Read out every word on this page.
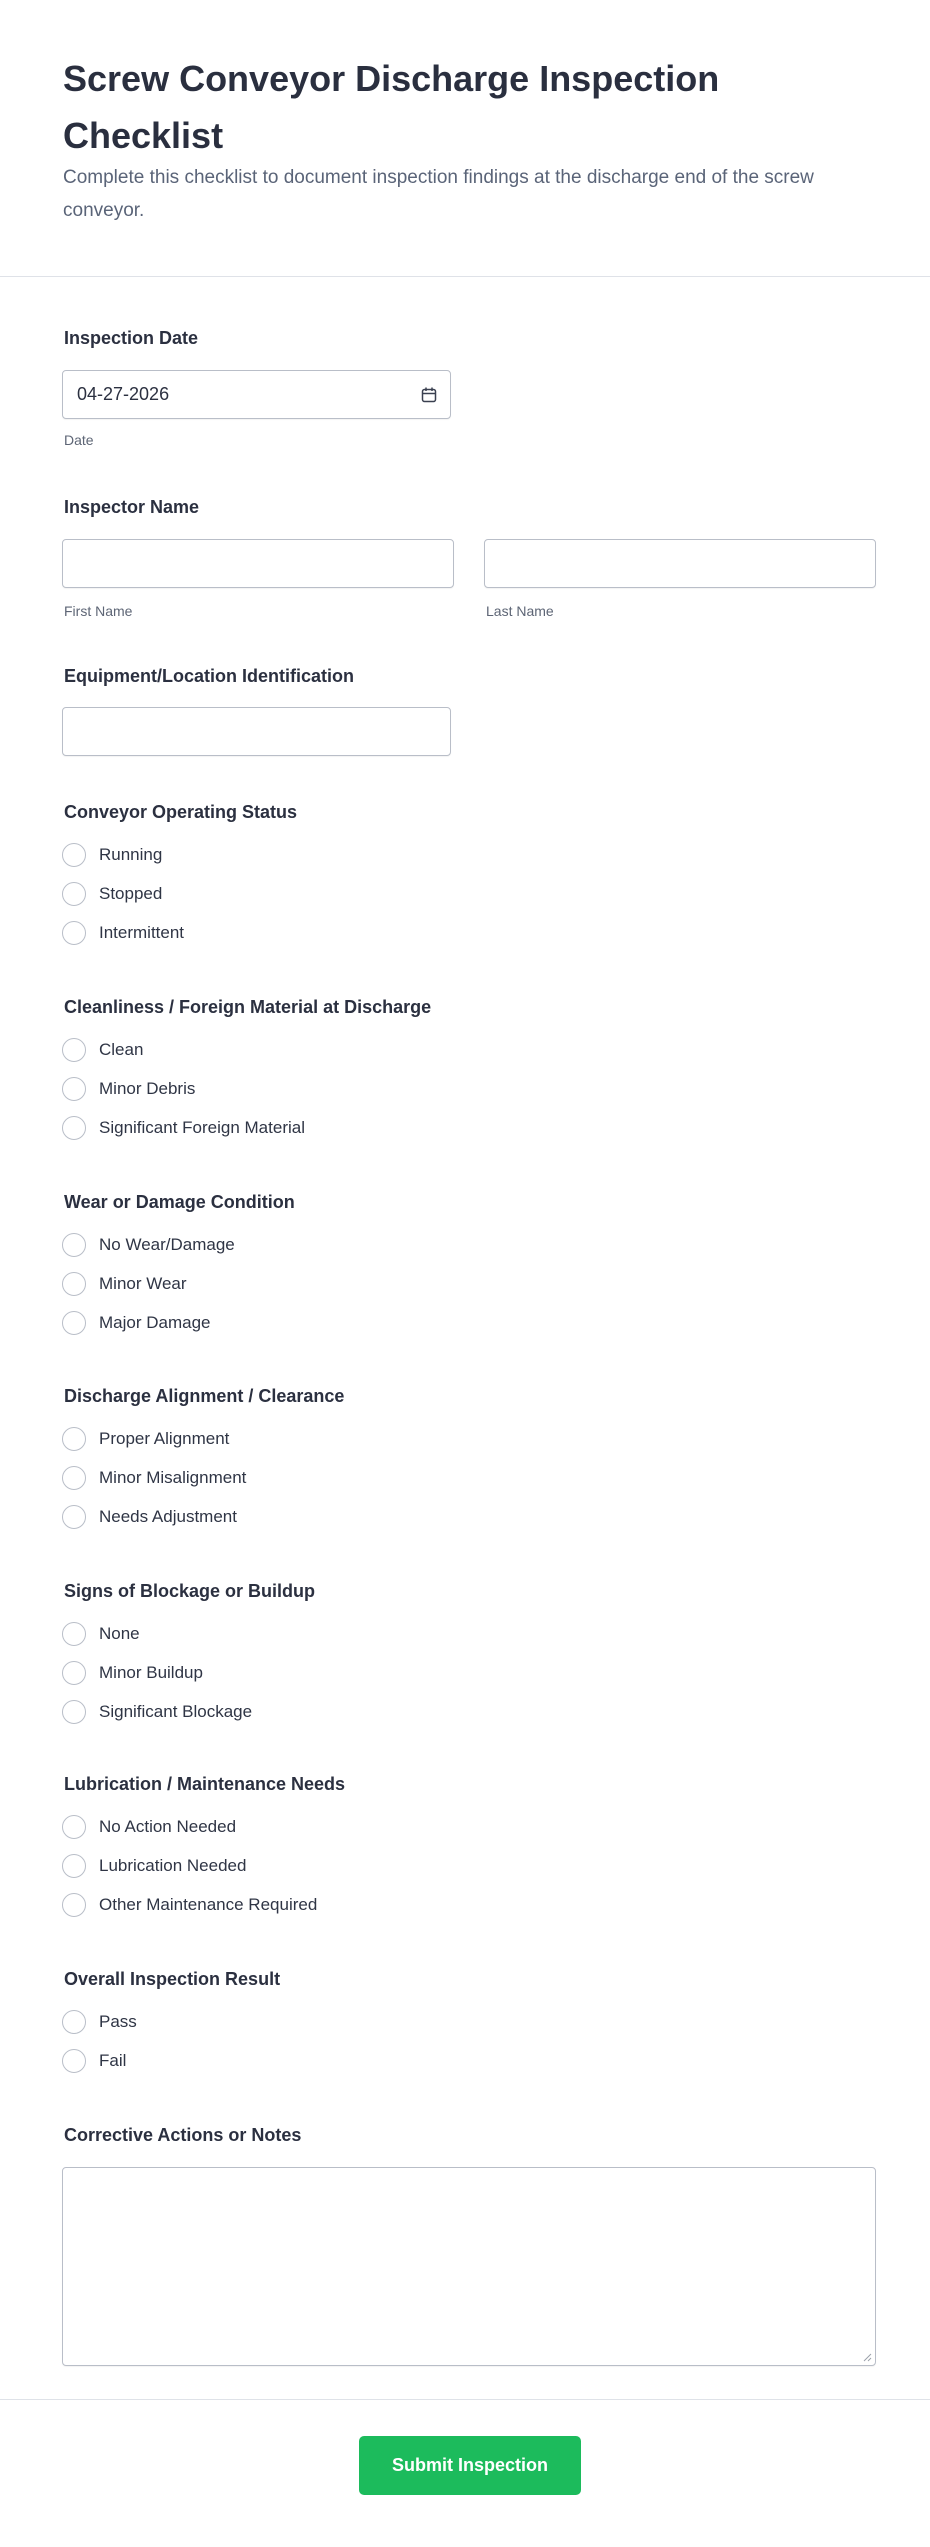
Screw Conveyor Discharge Inspection Checklist
Complete this checklist to document inspection findings at the discharge end of the screw conveyor.
Inspection Date
04-27-2026
Date
Inspector Name
First Name	Last Name
Equipment/Location Identification
Conveyor Operating Status
Running
Stopped
Intermittent
Cleanliness / Foreign Material at Discharge
Clean
Minor Debris
Significant Foreign Material
Wear or Damage Condition
No Wear/Damage
Minor Wear
Major Damage
Discharge Alignment / Clearance
Proper Alignment
Minor Misalignment
Needs Adjustment
Signs of Blockage or Buildup
None
Minor Buildup
Significant Blockage
Lubrication / Maintenance Needs
No Action Needed
Lubrication Needed
Other Maintenance Required
Overall Inspection Result
Pass
Fail
Corrective Actions or Notes
Submit Inspection
